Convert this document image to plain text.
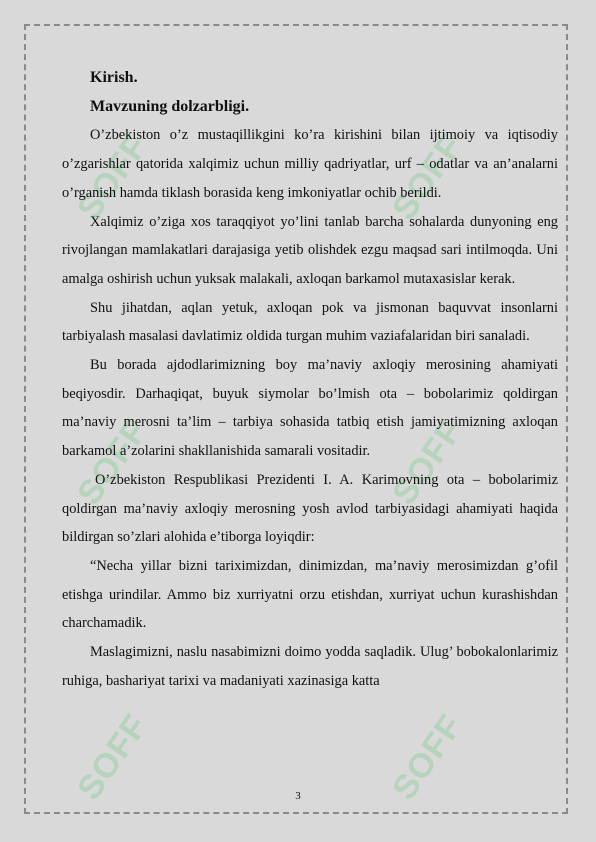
SOFF	SOFF
SOFF	SOFF
SOFF	SOFF

Kirish.

Mavzuning dolzarbligi.

O’zbekiston o’z mustaqillikgini ko’ra kirishini bilan ijtimoiy va iqtisodiy o’zgarishlar qatorida xalqimiz uchun milliy qadriyatlar, urf – odatlar va an’analarni o’rganish hamda tiklash borasida keng imkoniyatlar ochib berildi.

Xalqimiz o’ziga xos taraqqiyot yo’lini tanlab barcha sohalarda dunyoning eng rivojlangan mamlakatlari darajasiga yetib olishdek ezgu maqsad sari intilmoqda. Uni amalga oshirish uchun yuksak malakali, axloqan barkamol mutaxasislar kerak.

Shu jihatdan, aqlan yetuk, axloqan pok va jismonan baquvvat insonlarni tarbiyalash masalasi davlatimiz oldida turgan muhim vaziafalaridan biri sanaladi.

Bu borada ajdodlarimizning boy ma’naviy axloqiy merosining ahamiyati beqiyosdir. Darhaqiqat, buyuk siymolar bo’lmish ota – bobolarimiz qoldirgan ma’naviy merosni ta’lim – tarbiya sohasida tatbiq etish jamiyatimizning axloqan barkamol a’zolarini shakllanishida samarali vositadir.

O’zbekiston Respublikasi Prezidenti I. A. Karimovning ota – bobolarimiz qoldirgan ma’naviy axloqiy merosning yosh avlod tarbiyasidagi ahamiyati haqida bildirgan so’zlari alohida e’tiborga loyiqdir:

“Necha yillar bizni tariximizdan, dinimizdan, ma’naviy merosimizdan g’ofil etishga urindilar. Ammo biz xurriyatni orzu etishdan, xurriyat uchun kurashishdan charchamadik.

Maslagimizni, naslu nasabimizni doimo yodda saqladik. Ulug’ bobokalonlarimiz ruhiga, bashariyat tarixi va madaniyati xazinasiga katta

3
